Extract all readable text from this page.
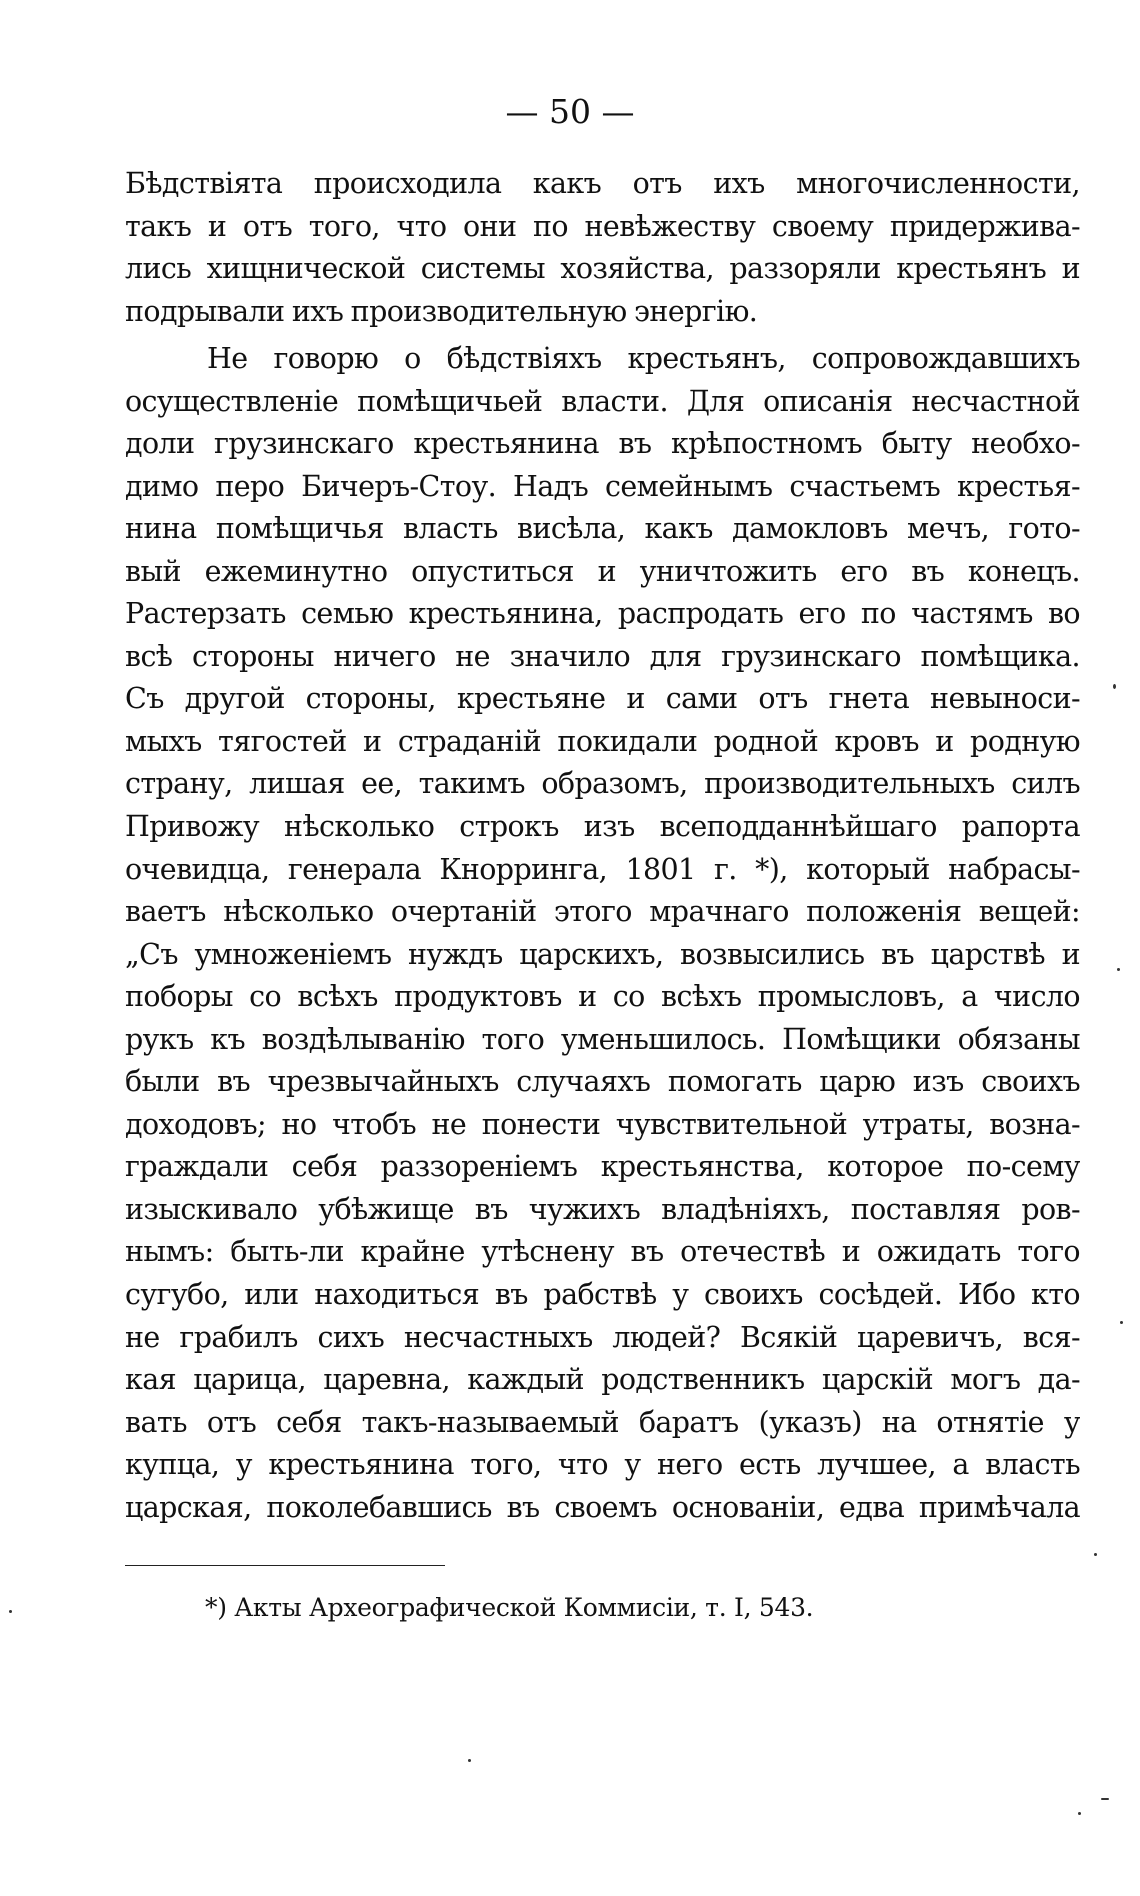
— 50 —
Бѣдствіята происходила какъ отъ ихъ многочисленности,
такъ и отъ того, что они по невѣжеству своему придержива-
лись хищнической системы хозяйства, раззоряли крестьянъ и
подрывали ихъ производительную энергію.
Не говорю о бѣдствіяхъ крестьянъ, сопровождавшихъ
осуществленіе помѣщичьей власти. Для описанія несчастной
доли грузинскаго крестьянина въ крѣпостномъ быту необхо-
димо перо Бичеръ-Стоу. Надъ семейнымъ счастьемъ крестья-
нина помѣщичья власть висѣла, какъ дамокловъ мечъ, гото-
вый ежеминутно опуститься и уничтожить его въ конецъ.
Растерзать семью крестьянина, распродать его по частямъ во
всѣ стороны ничего не значило для грузинскаго помѣщика.
Съ другой стороны, крестьяне и сами отъ гнета невыноси-
мыхъ тягостей и страданій покидали родной кровъ и родную
страну, лишая ее, такимъ образомъ, производительныхъ силъ
Привожу нѣсколько строкъ изъ всеподданнѣйшаго рапорта
очевидца, генерала Кнорринга, 1801 г. *), который набрасы-
ваетъ нѣсколько очертаній этого мрачнаго положенія вещей:
„Съ умноженіемъ нуждъ царскихъ, возвысились въ царствѣ и
поборы со всѣхъ продуктовъ и со всѣхъ промысловъ, а число
рукъ къ воздѣлыванію того уменьшилось. Помѣщики обязаны
были въ чрезвычайныхъ случаяхъ помогать царю изъ своихъ
доходовъ; но чтобъ не понести чувствительной утраты, возна-
граждали себя раззореніемъ крестьянства, которое по-сему
изыскивало убѣжище въ чужихъ владѣніяхъ, поставляя ров-
нымъ: быть-ли крайне утѣснену въ отечествѣ и ожидать того
сугубо, или находиться въ рабствѣ у своихъ сосѣдей. Ибо кто
не грабилъ сихъ несчастныхъ людей? Всякій царевичъ, вся-
кая царица, царевна, каждый родственникъ царскій могъ да-
вать отъ себя такъ-называемый баратъ (указъ) на отнятіе у
купца, у крестьянина того, что у него есть лучшее, а власть
царская, поколебавшись въ своемъ основаніи, едва примѣчала
*) Акты Археографической Коммисіи, т. I, 543.
